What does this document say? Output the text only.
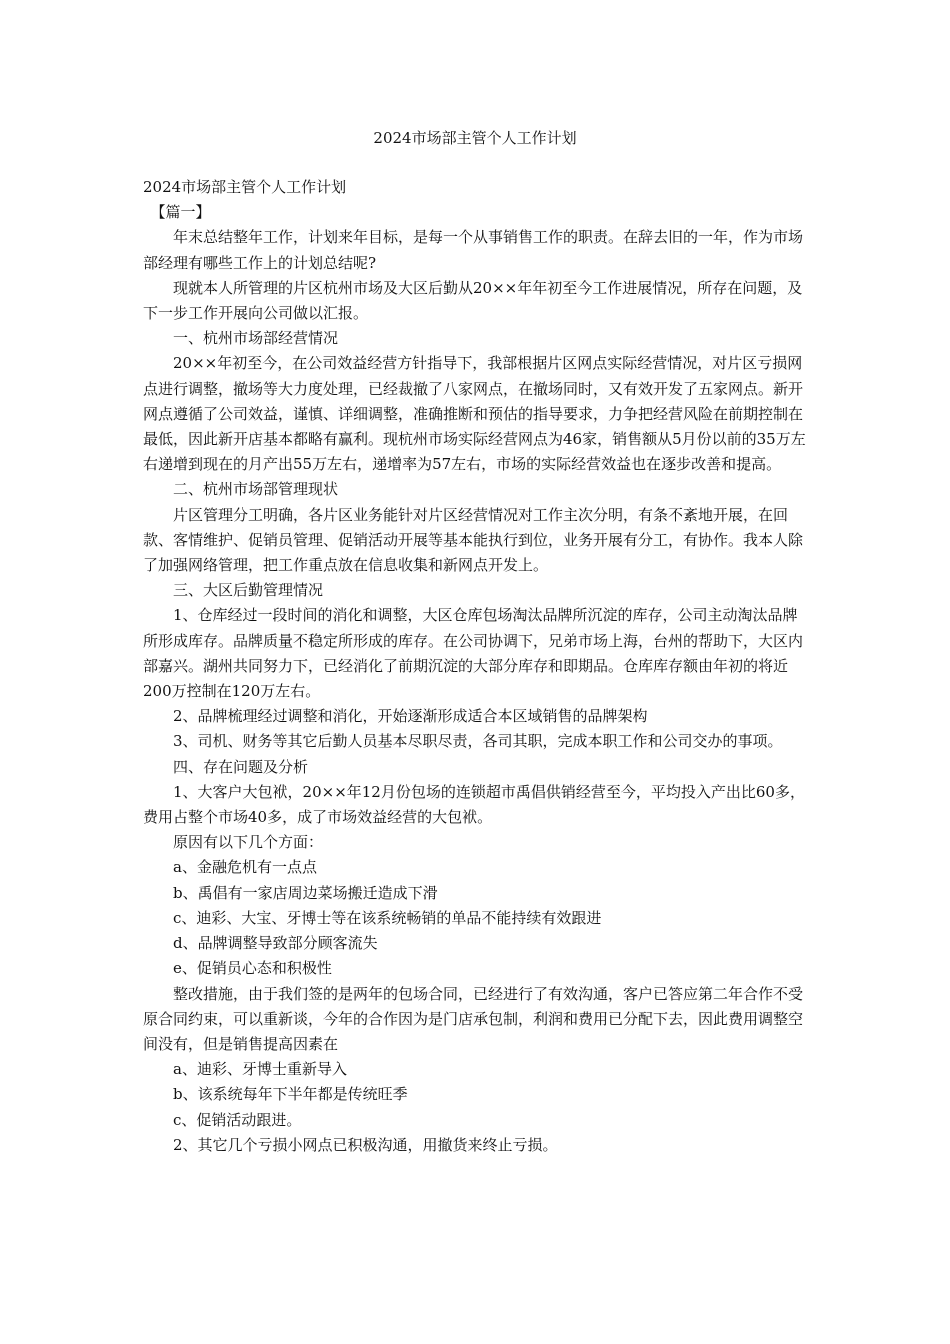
2024市场部主管个人工作计划

2024市场部主管个人工作计划

【篇一】

年末总结整年工作，计划来年目标，是每一个从事销售工作的职责。在辞去旧的一年，作为市场部经理有哪些工作上的计划总结呢?

现就本人所管理的片区杭州市场及大区后勤从20××年年初至今工作进展情况，所存在问题，及下一步工作开展向公司做以汇报。

一、杭州市场部经营情况

20××年初至今，在公司效益经营方针指导下，我部根据片区网点实际经营情况，对片区亏损网点进行调整，撤场等大力度处理，已经裁撤了八家网点，在撤场同时，又有效开发了五家网点。新开网点遵循了公司效益，谨慎、详细调整，准确推断和预估的指导要求，力争把经营风险在前期控制在最低，因此新开店基本都略有赢利。现杭州市场实际经营网点为46家，销售额从5月份以前的35万左右递增到现在的月产出55万左右，递增率为57左右，市场的实际经营效益也在逐步改善和提高。

二、杭州市场部管理现状

片区管理分工明确，各片区业务能针对片区经营情况对工作主次分明，有条不紊地开展，在回款、客情维护、促销员管理、促销活动开展等基本能执行到位，业务开展有分工，有协作。我本人除了加强网络管理，把工作重点放在信息收集和新网点开发上。

三、大区后勤管理情况

1、仓库经过一段时间的消化和调整，大区仓库包场淘汰品牌所沉淀的库存，公司主动淘汰品牌所形成库存。品牌质量不稳定所形成的库存。在公司协调下，兄弟市场上海，台州的帮助下，大区内部嘉兴。湖州共同努力下，已经消化了前期沉淀的大部分库存和即期品。仓库库存额由年初的将近200万控制在120万左右。

2、品牌梳理经过调整和消化，开始逐渐形成适合本区域销售的品牌架构

3、司机、财务等其它后勤人员基本尽职尽责，各司其职，完成本职工作和公司交办的事项。

四、存在问题及分析

1、大客户大包袱，20××年12月份包场的连锁超市禹倡供销经营至今，平均投入产出比60多，费用占整个市场40多，成了市场效益经营的大包袱。

原因有以下几个方面：

a、金融危机有一点点

b、禹倡有一家店周边菜场搬迁造成下滑

c、迪彩、大宝、牙博士等在该系统畅销的单品不能持续有效跟进

d、品牌调整导致部分顾客流失

e、促销员心态和积极性

整改措施，由于我们签的是两年的包场合同，已经进行了有效沟通，客户已答应第二年合作不受原合同约束，可以重新谈，今年的合作因为是门店承包制，利润和费用已分配下去，因此费用调整空间没有，但是销售提高因素在

a、迪彩、牙博士重新导入

b、该系统每年下半年都是传统旺季

c、促销活动跟进。

2、其它几个亏损小网点已积极沟通，用撤货来终止亏损。
